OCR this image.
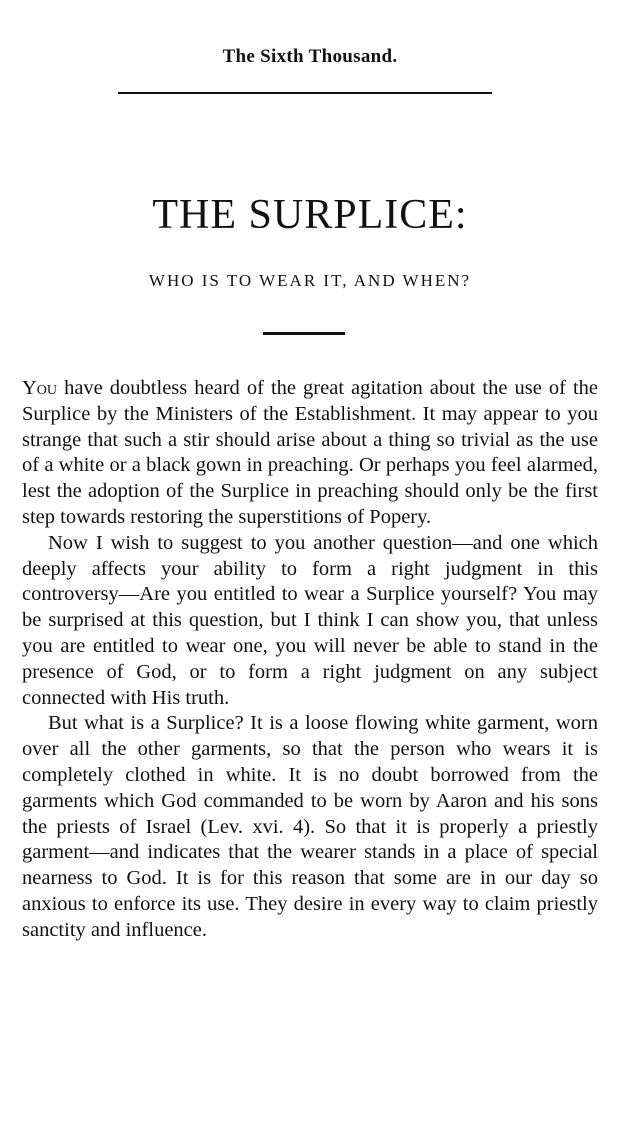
The Sixth Thousand.
THE SURPLICE:
WHO IS TO WEAR IT, AND WHEN?

You have doubtless heard of the great agitation about the use of the Surplice by the Ministers of the Establishment. It may appear to you strange that such a stir should arise about a thing so trivial as the use of a white or a black gown in preaching. Or perhaps you feel alarmed, lest the adoption of the Surplice in preaching should only be the first step towards restoring the superstitions of Popery.

Now I wish to suggest to you another question—and one which deeply affects your ability to form a right judgment in this controversy—Are you entitled to wear a Surplice yourself? You may be surprised at this question, but I think I can show you, that unless you are entitled to wear one, you will never be able to stand in the presence of God, or to form a right judgment on any subject connected with His truth.

But what is a Surplice? It is a loose flowing white garment, worn over all the other garments, so that the person who wears it is completely clothed in white. It is no doubt borrowed from the garments which God commanded to be worn by Aaron and his sons the priests of Israel (Lev. xvi. 4). So that it is properly a priestly garment—and indicates that the wearer stands in a place of special nearness to God. It is for this reason that some are in our day so anxious to enforce its use. They desire in every way to claim priestly sanctity and influence.
